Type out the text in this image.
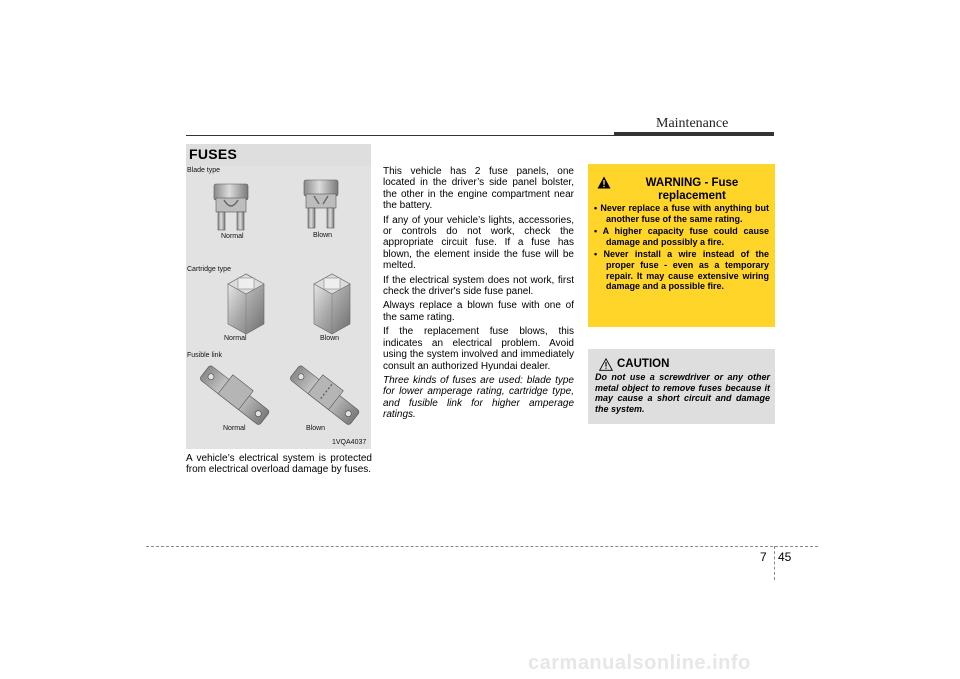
Maintenance
FUSES
Blade type
Normal	Blown
Cartridge type
Normal	Blown
Fusible link
Normal	Blown
1VQA4037

A vehicle’s electrical system is protected from electrical overload damage by fuses.

This vehicle has 2 fuse panels, one located in the driver’s side panel bolster, the other in the engine compartment near the battery.

If any of your vehicle’s lights, accessories, or controls do not work, check the appropriate circuit fuse. If a fuse has blown, the element inside the fuse will be melted.

If the electrical system does not work, first check the driver's side fuse panel.

Always replace a blown fuse with one of the same rating.

If the replacement fuse blows, this indicates an electrical problem. Avoid using the system involved and immediately consult an authorized Hyundai dealer.

Three kinds of fuses are used: blade type for lower amperage rating, cartridge type, and fusible link for higher amperage ratings.

WARNING - Fuse replacement
• Never replace a fuse with anything but another fuse of the same rating.
• A higher capacity fuse could cause damage and possibly a fire.
• Never install a wire instead of the proper fuse - even as a temporary repair. It may cause extensive wiring damage and a possible fire.
CAUTION
Do not use a screwdriver or any other metal object to remove fuses because it may cause a short circuit and damage the system.
7 45
carmanualsonline.info
